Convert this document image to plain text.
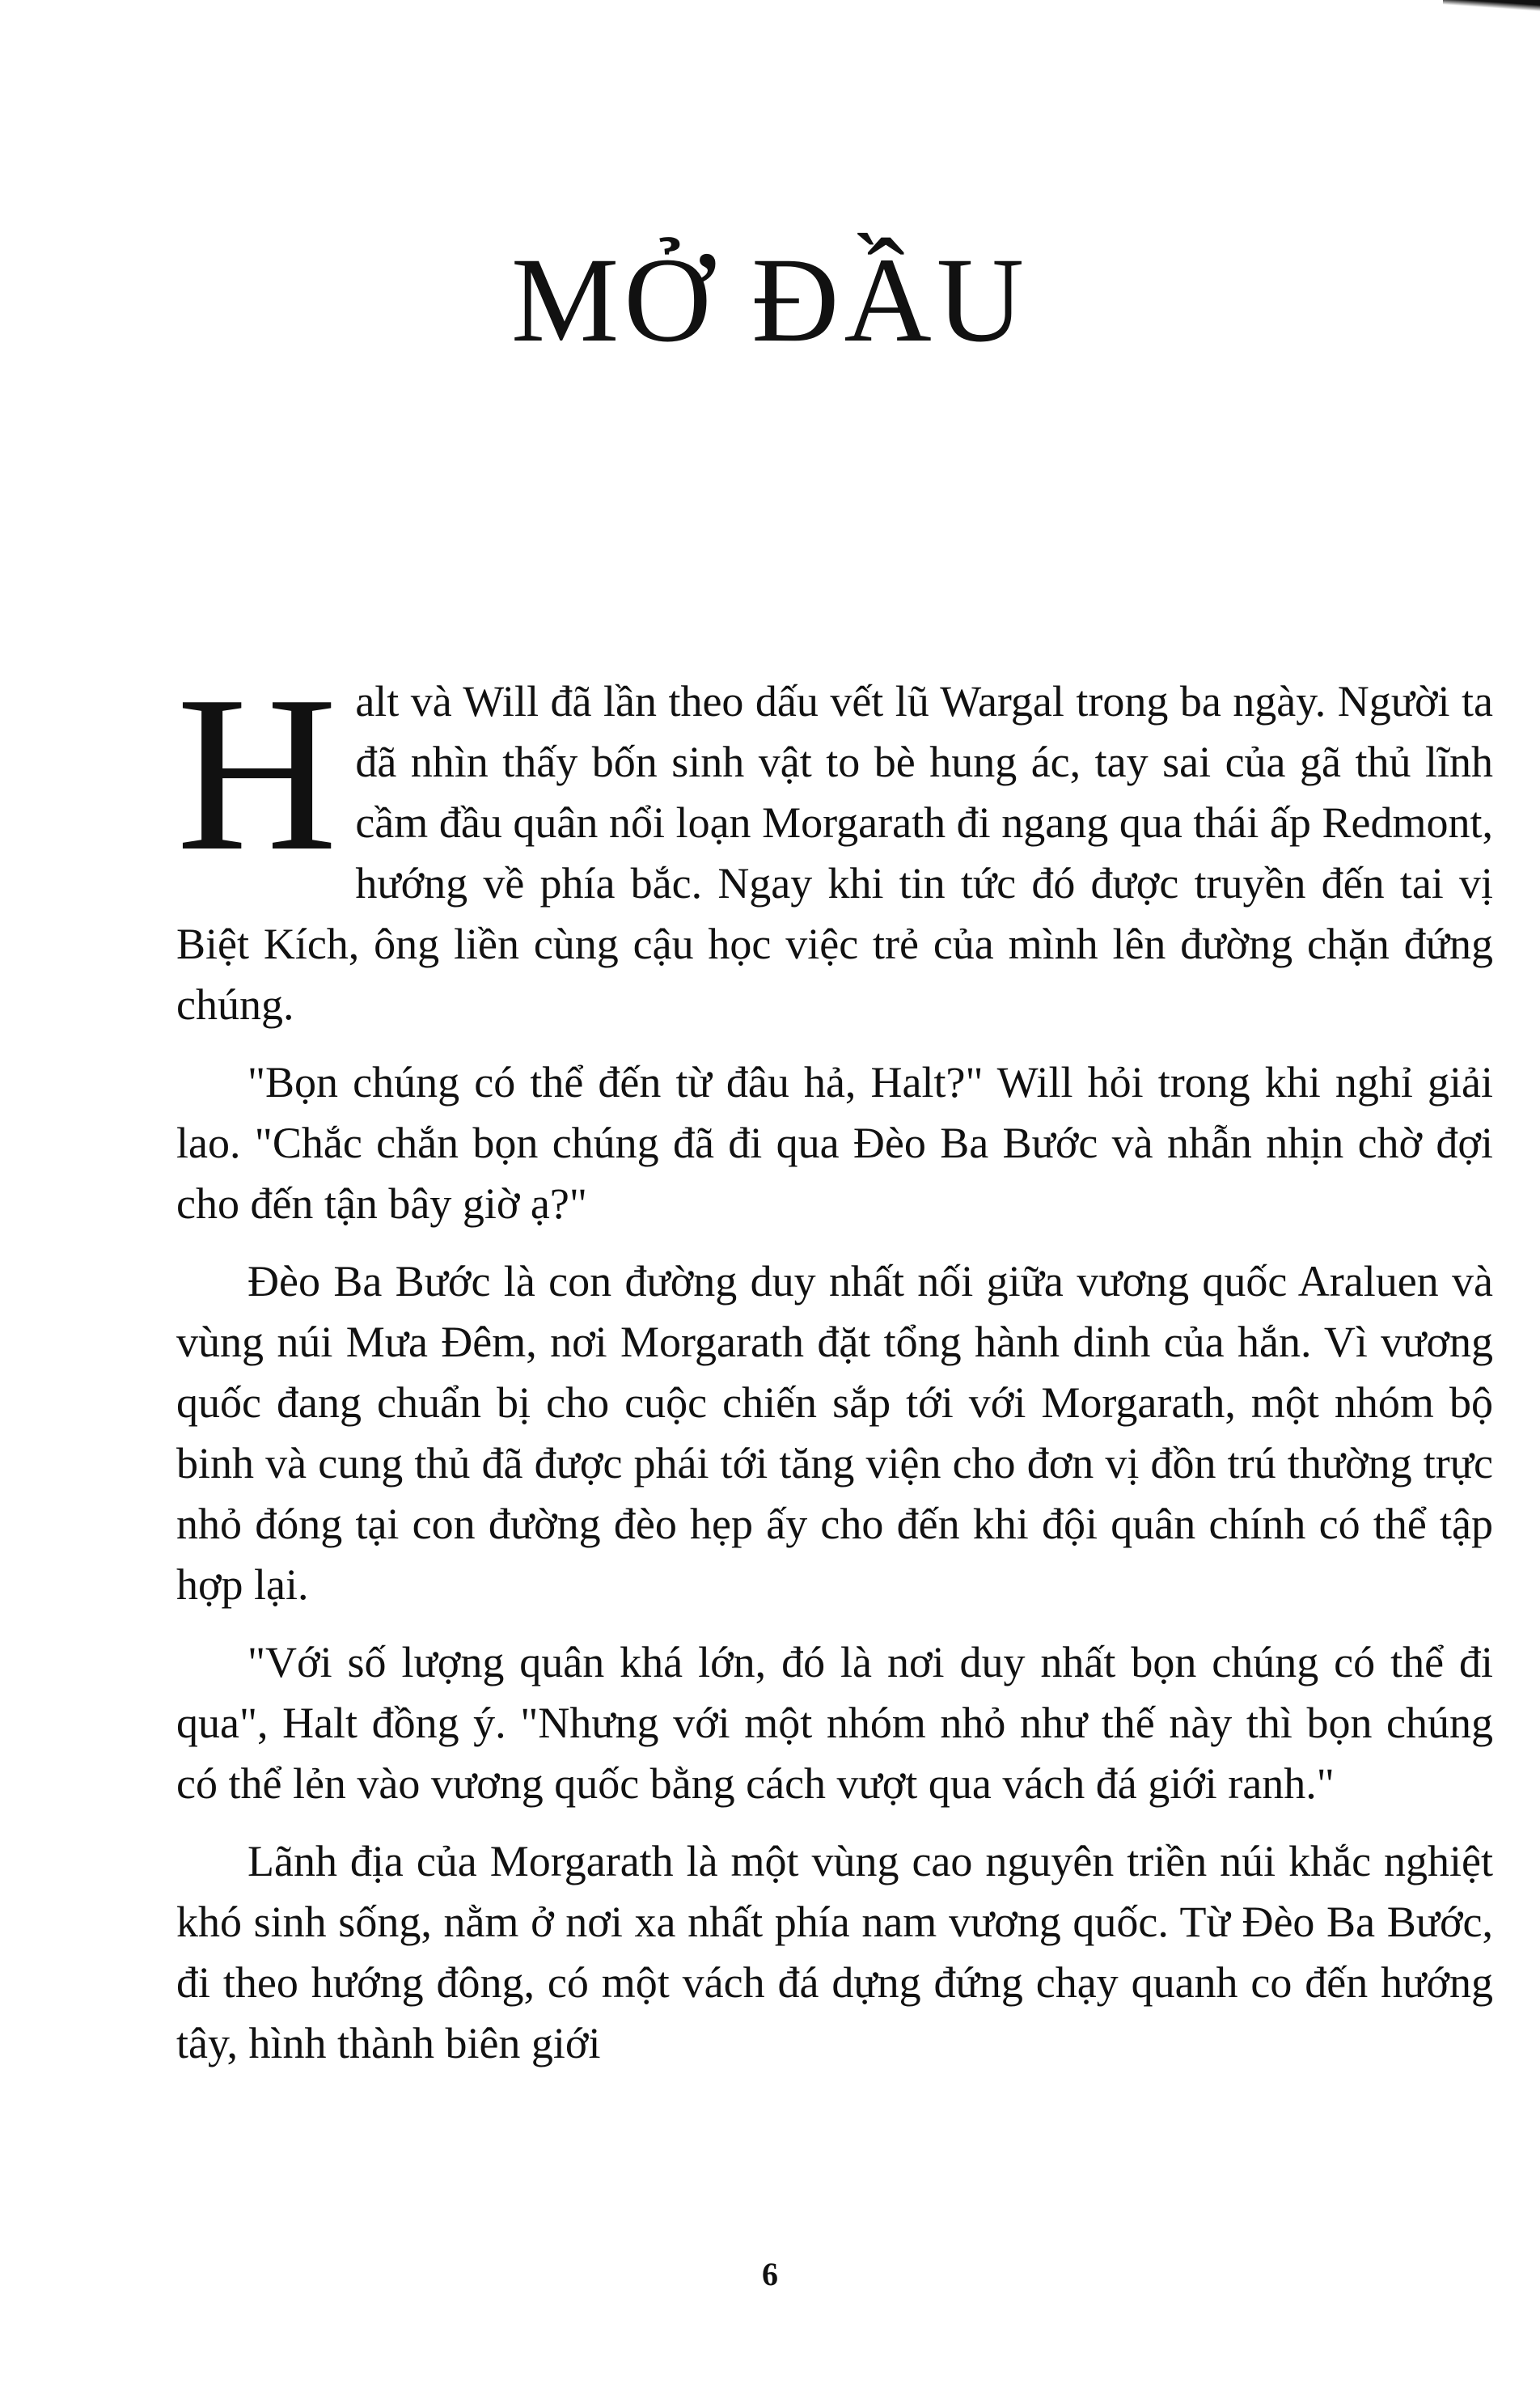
MỞ ĐẦU

Halt và Will đã lần theo dấu vết lũ Wargal trong ba ngày. Người ta đã nhìn thấy bốn sinh vật to bè hung ác, tay sai của gã thủ lĩnh cầm đầu quân nổi loạn Morgarath đi ngang qua thái ấp Redmont, hướng về phía bắc. Ngay khi tin tức đó được truyền đến tai vị Biệt Kích, ông liền cùng cậu học việc trẻ của mình lên đường chặn đứng chúng.

"Bọn chúng có thể đến từ đâu hả, Halt?" Will hỏi trong khi nghỉ giải lao. "Chắc chắn bọn chúng đã đi qua Đèo Ba Bước và nhẫn nhịn chờ đợi cho đến tận bây giờ ạ?"

Đèo Ba Bước là con đường duy nhất nối giữa vương quốc Araluen và vùng núi Mưa Đêm, nơi Morgarath đặt tổng hành dinh của hắn. Vì vương quốc đang chuẩn bị cho cuộc chiến sắp tới với Morgarath, một nhóm bộ binh và cung thủ đã được phái tới tăng viện cho đơn vị đồn trú thường trực nhỏ đóng tại con đường đèo hẹp ấy cho đến khi đội quân chính có thể tập hợp lại.

"Với số lượng quân khá lớn, đó là nơi duy nhất bọn chúng có thể đi qua", Halt đồng ý. "Nhưng với một nhóm nhỏ như thế này thì bọn chúng có thể lẻn vào vương quốc bằng cách vượt qua vách đá giới ranh."

Lãnh địa của Morgarath là một vùng cao nguyên triền núi khắc nghiệt khó sinh sống, nằm ở nơi xa nhất phía nam vương quốc. Từ Đèo Ba Bước, đi theo hướng đông, có một vách đá dựng đứng chạy quanh co đến hướng tây, hình thành biên giới

6
